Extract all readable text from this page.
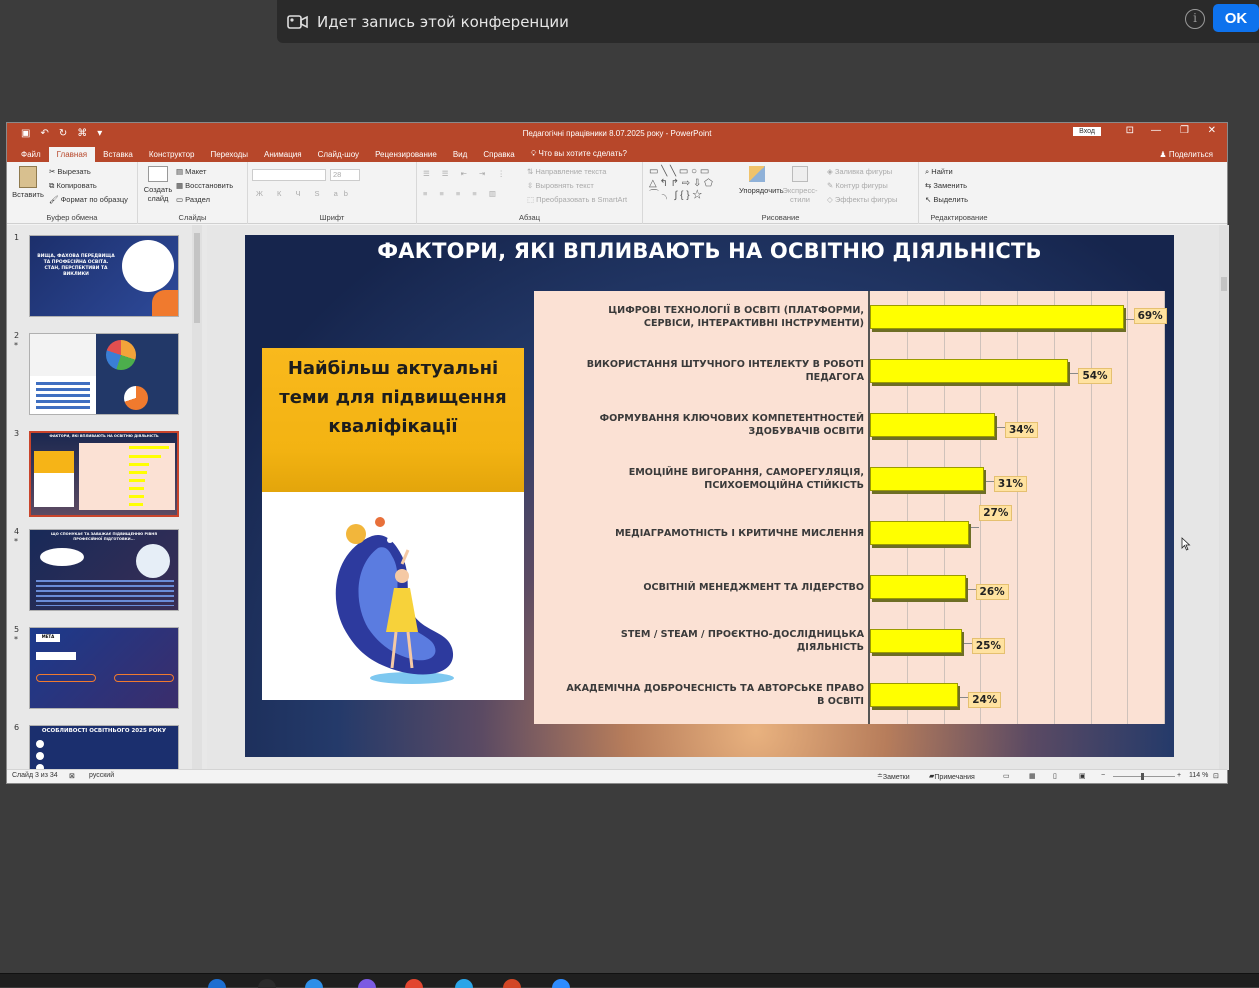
Идет запись этой конференции	i	OK
▣ ↶ ↻ ⌘ ▾	Педагогічні працівники 8.07.2025 року - PowerPoint	Вход	⊡ — ❐ ✕
Файл	Главная	Вставка	Конструктор	Переходы	Анимация	Слайд-шоу	Рецензирование	Вид	Справка	💡︎ Что вы хотите сделать?	♟ Поделиться
Вставить
✂ Вырезать
⧉ Копировать
🖌︎ Формат по образцу
Буфер обмена
Создать слайд
▤ Макет
▦ Восстановить
▭ Раздел
Слайды
28
Ж К Ч S ab
Шрифт
☰ ☰ ⇤ ⇥ ⋮
≡ ≡ ≡ ≡ ▥
⇅ Направление текста
⇳ Выровнять текст
⬚ Преобразовать в SmartArt
Абзац
▭ ╲ ╲ ▭ ○ ▭
△ ↰ ↱ ⇨ ⇩ ⬠
⌒ ╮ ∫ { } ☆	Упорядочить
Экспресс-стили
◈ Заливка фигуры
✎ Контур фигуры
◇ Эффекты фигуры
Рисование
⌕ Найти
⇆ Заменить
↖ Выделить
Редактирование
1
ВИЩА, ФАХОВА ПЕРЕДВИЩА ТА ПРОФЕСІЙНА ОСВІТА. СТАН, ПЕРСПЕКТИВИ ТА ВИКЛИКИ
2
*
3	ФАКТОРИ, ЯКІ ВПЛИВАЮТЬ НА ОСВІТНЮ ДІЯЛЬНІСТЬ
4
*
ЩО СПОНУКАЄ ТА ЗАВАЖАЄ ПІДВИЩЕННЮ РІВНЯ ПРОФЕСІЙНОЇ ПІДГОТОВКИ...
5
*	МЕТА
6	ОСОБЛИВОСТІ ОСВІТНЬОГО 2025 РОКУ
ФАКТОРИ, ЯКІ ВПЛИВАЮТЬ НА ОСВІТНЮ ДІЯЛЬНІСТЬ
Найбільш актуальні теми для підвищення кваліфікації
ЦИФРОВІ ТЕХНОЛОГІЇ В ОСВІТІ (ПЛАТФОРМИ, СЕРВІСИ, ІНТЕРАКТИВНІ ІНСТРУМЕНТИ)
69%
ВИКОРИСТАННЯ ШТУЧНОГО ІНТЕЛЕКТУ В РОБОТІ ПЕДАГОГА	54%
ФОРМУВАННЯ КЛЮЧОВИХ КОМПЕТЕНТНОСТЕЙ ЗДОБУВАЧІВ ОСВІТИ	34%
ЕМОЦІЙНЕ ВИГОРАННЯ, САМОРЕГУЛЯЦІЯ, ПСИХОЕМОЦІЙНА СТІЙКІСТЬ	31%
МЕДІАГРАМОТНІСТЬ І КРИТИЧНЕ МИСЛЕННЯ
27%
ОСВІТНІЙ МЕНЕДЖМЕНТ ТА ЛІДЕРСТВО	26%
STEM / STEAM / ПРОЄКТНО-ДОСЛІДНИЦЬКА ДІЯЛЬНІСТЬ	25%
АКАДЕМІЧНА ДОБРОЧЕСНІСТЬ ТА АВТОРСЬКЕ ПРАВО В ОСВІТІ	24%
Слайд 3 из 34 ⊠ русский	≐ Заметки	▰ Примечания	▭	▦ ▯	▣ −	+ 114 % ⊡
